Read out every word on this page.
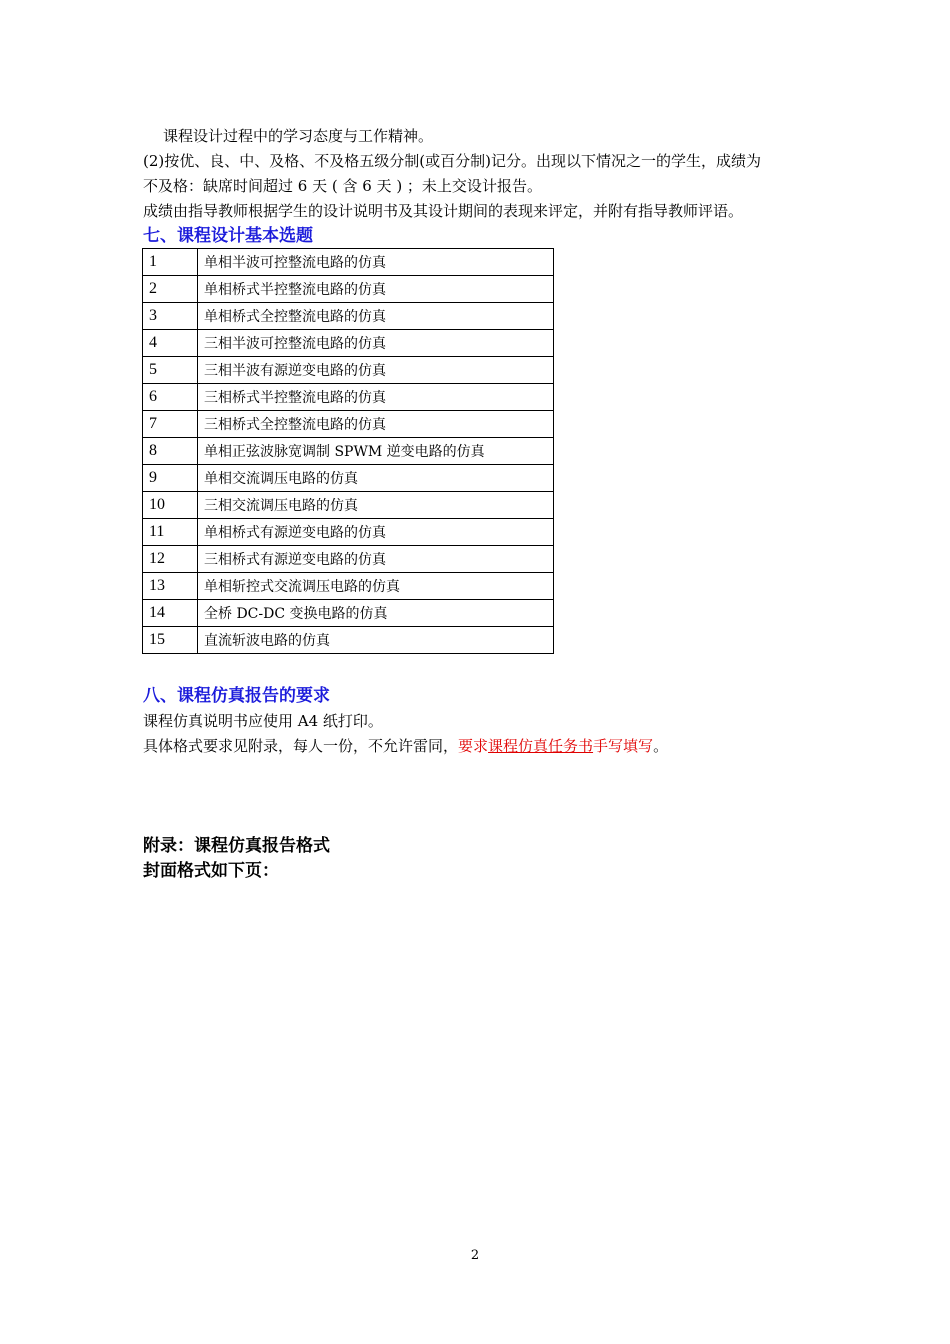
课程设计过程中的学习态度与工作精神。
(2)按优、良、中、及格、不及格五级分制(或百分制)记分。出现以下情况之一的学生，成绩为
不及格：缺席时间超过 6 天 ( 含 6 天 ) ；未上交设计报告。
成绩由指导教师根据学生的设计说明书及其设计期间的表现来评定，并附有指导教师评语。
七、课程设计基本选题
1	单相半波可控整流电路的仿真
2	单相桥式半控整流电路的仿真
3	单相桥式全控整流电路的仿真
4	三相半波可控整流电路的仿真
5	三相半波有源逆变电路的仿真
6	三相桥式半控整流电路的仿真
7	三相桥式全控整流电路的仿真
8	单相正弦波脉宽调制 SPWM 逆变电路的仿真
9	单相交流调压电路的仿真
10	三相交流调压电路的仿真
11	单相桥式有源逆变电路的仿真
12	三相桥式有源逆变电路的仿真
13	单相斩控式交流调压电路的仿真
14	全桥 DC-DC 变换电路的仿真
15	直流斩波电路的仿真
八、课程仿真报告的要求
课程仿真说明书应使用 A4 纸打印。
具体格式要求见附录，每人一份，不允许雷同，要求课程仿真任务书手写填写。
附录：课程仿真报告格式
封面格式如下页：
2
